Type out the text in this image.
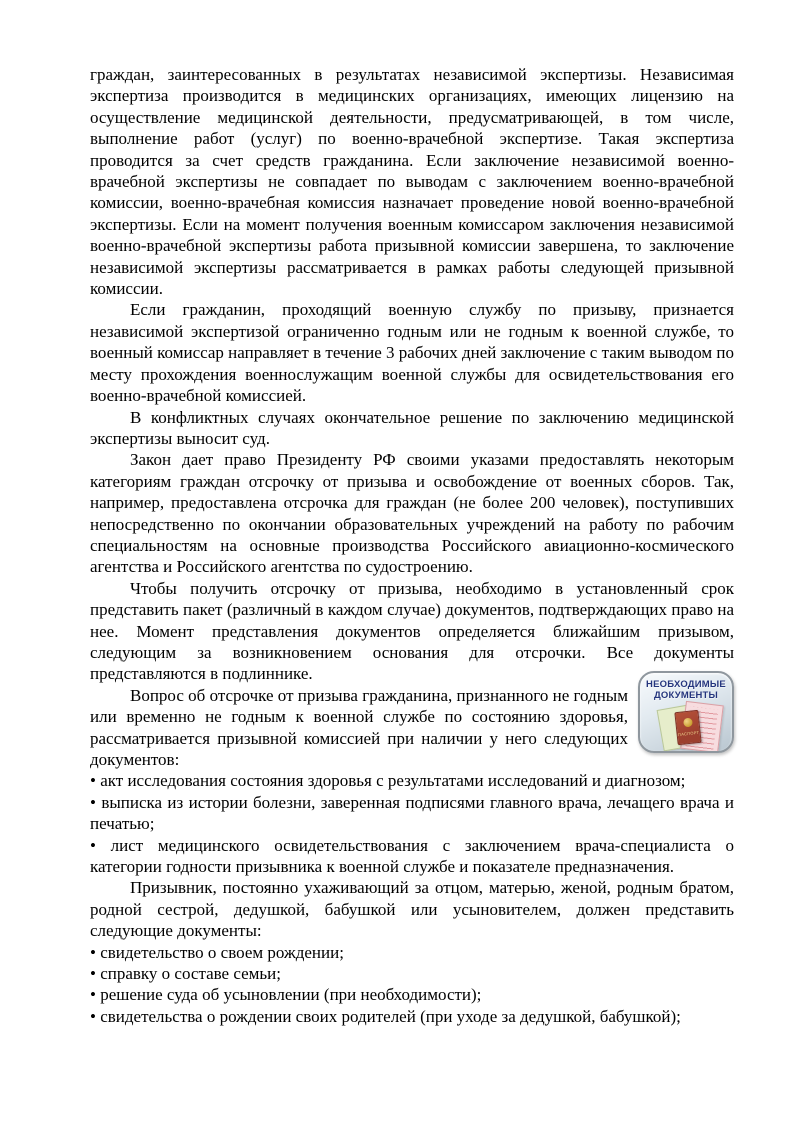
граждан, заинтересованных в результатах независимой экспертизы. Независимая экспертиза производится в медицинских организациях, имеющих лицензию на осуществление медицинской деятельности, предусматривающей, в том числе, выполнение работ (услуг) по военно-врачебной экспертизе. Такая экспертиза проводится за счет средств гражданина. Если заключение независимой военно-врачебной экспертизы не совпадает по выводам с заключением военно-врачебной комиссии, военно-врачебная комиссия назначает проведение новой военно-врачебной экспертизы. Если на момент получения военным комиссаром заключения независимой военно-врачебной экспертизы работа призывной комиссии завершена, то заключение независимой экспертизы рассматривается в рамках работы следующей призывной комиссии.

Если гражданин, проходящий военную службу по призыву, признается независимой экспертизой ограниченно годным или не годным к военной службе, то военный комиссар направляет в течение 3 рабочих дней заключение с таким выводом по месту прохождения военнослужащим военной службы для освидетельствования его военно-врачебной комиссией.

В конфликтных случаях окончательное решение по заключению медицинской экспертизы выносит суд.

Закон дает право Президенту РФ своими указами предоставлять некоторым категориям граждан отсрочку от призыва и освобождение от военных сборов. Так, например, предоставлена отсрочка для граждан (не более 200 человек), поступивших непосредственно по окончании образовательных учреждений на работу по рабочим специальностям на основные производства Российского авиационно-космического агентства и Российского агентства по судостроению.

Чтобы получить отсрочку от призыва, необходимо в установленный срок представить пакет (различный в каждом случае) документов, подтверждающих право на нее. Момент представления документов определяется ближайшим призывом, следующим за возникновением основания для отсрочки. Все документы представляются в подлиннике.

НЕОБХОДИМЫЕ
ДОКУМЕНТЫ
ПАСПОРТ

Вопрос об отсрочке от призыва гражданина, признанного не годным или временно не годным к военной службе по состоянию здоровья, рассматривается призывной комиссией при наличии у него следующих документов:

• акт исследования состояния здоровья с результатами исследований и диагнозом;

• выписка из истории болезни, заверенная подписями главного врача, лечащего врача и печатью;

• лист медицинского освидетельствования с заключением врача-специалиста о категории годности призывника к военной службе и показателе предназначения.

Призывник, постоянно ухаживающий за отцом, матерью, женой, родным братом, родной сестрой, дедушкой, бабушкой или усыновителем, должен представить следующие документы:

• свидетельство о своем рождении;

• справку о составе семьи;

• решение суда об усыновлении (при необходимости);

• свидетельства о рождении своих родителей (при уходе за дедушкой, бабушкой);
